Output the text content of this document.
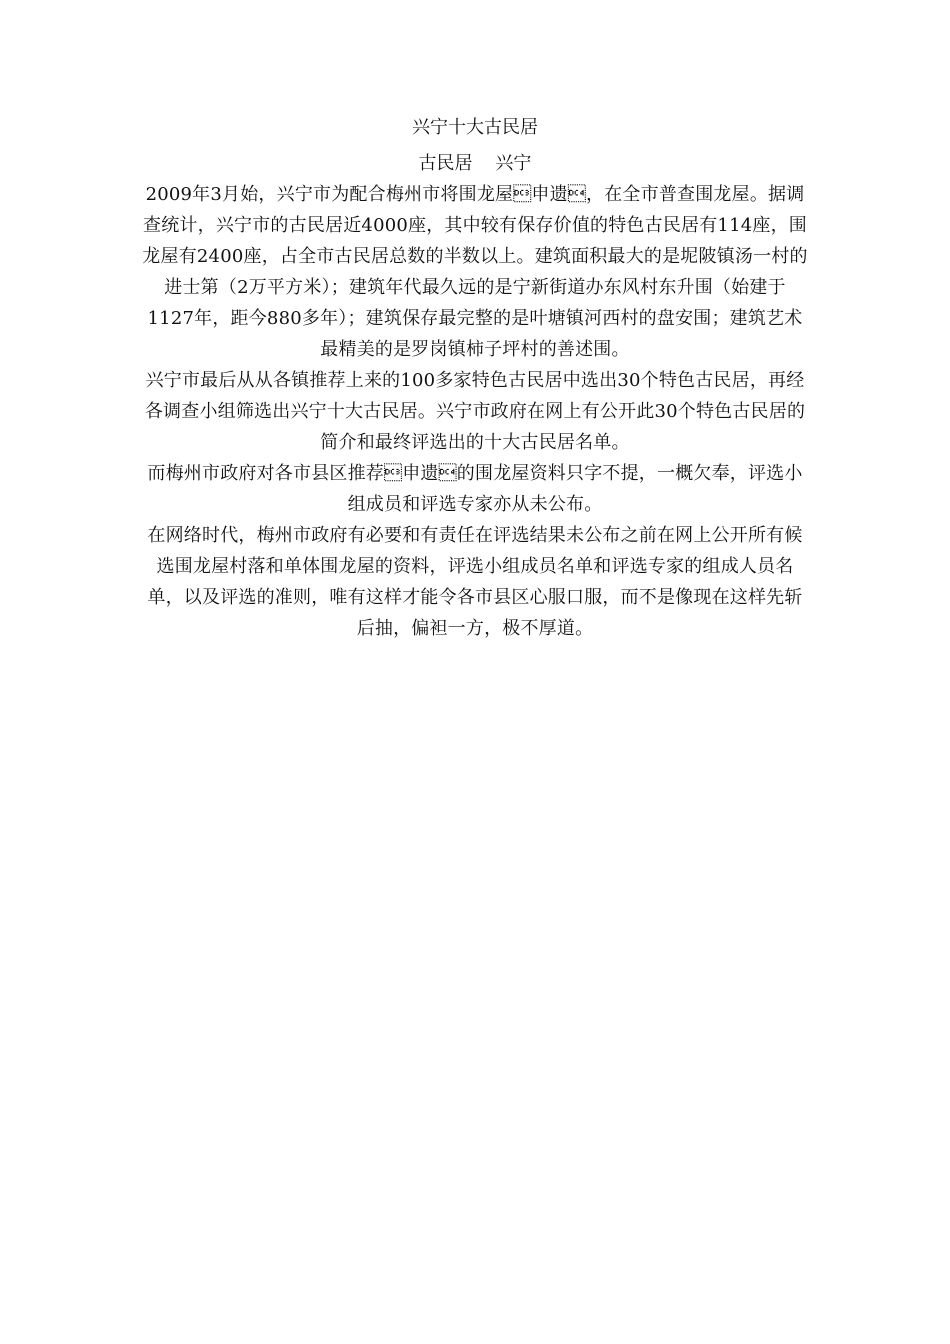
兴宁十大古民居
古民居    兴宁

2009年3月始，兴宁市为配合梅州市将围龙屋申遗，在全市普查围龙屋。据调查统计，兴宁市的古民居近4000座，其中较有保存价值的特色古民居有114座，围龙屋有2400座，占全市古民居总数的半数以上。建筑面积最大的是坭陂镇汤一村的进士第（2万平方米）；建筑年代最久远的是宁新街道办东风村东升围（始建于1127年，距今880多年）；建筑保存最完整的是叶塘镇河西村的盘安围；建筑艺术最精美的是罗岗镇柿子坪村的善述围。

兴宁市最后从从各镇推荐上来的100多家特色古民居中选出30个特色古民居，再经各调查小组筛选出兴宁十大古民居。兴宁市政府在网上有公开此30个特色古民居的简介和最终评选出的十大古民居名单。

而梅州市政府对各市县区推荐申遗的围龙屋资料只字不提，一概欠奉，评选小组成员和评选专家亦从未公布。

在网络时代，梅州市政府有必要和有责任在评选结果未公布之前在网上公开所有候选围龙屋村落和单体围龙屋的资料，评选小组成员名单和评选专家的组成人员名单，以及评选的准则，唯有这样才能令各市县区心服口服，而不是像现在这样先斩后抽，偏袒一方，极不厚道。
